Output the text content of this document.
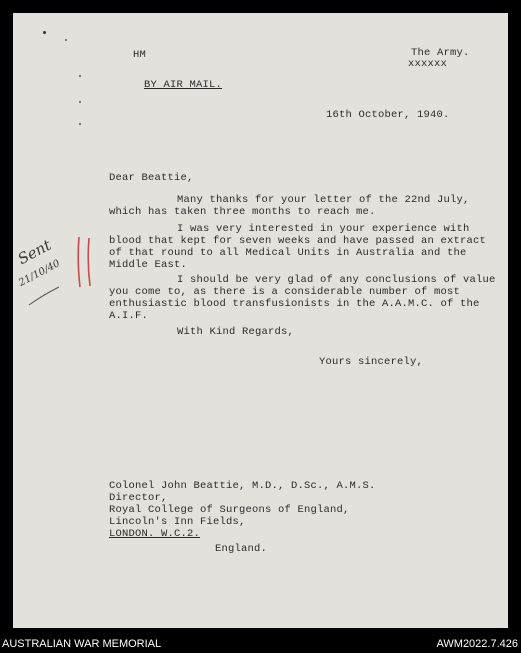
HM	The Army.
xxxxxx
BY AIR MAIL.
16th October, 1940.
Dear Beattie,
Many thanks for your letter of the 22nd July,
which has taken three months to reach me.
I was very interested in your experience with
blood that kept for seven weeks and have passed an extract
of that round to all Medical Units in Australia and the
Middle East.
I should be very glad of any conclusions of value
you come to, as there is a considerable number of most
enthusiastic blood transfusionists in the A.A.M.C. of the
A.I.F.
With Kind Regards,
Yours sincerely,
Colonel John Beattie, M.D., D.Sc., A.M.S.
Director,
Royal College of Surgeons of England,
Lincoln's Inn Fields,
LONDON. W.C.2.
England.
Sent
21/10/40
AUSTRALIAN WAR MEMORIAL	AWM2022.7.426
